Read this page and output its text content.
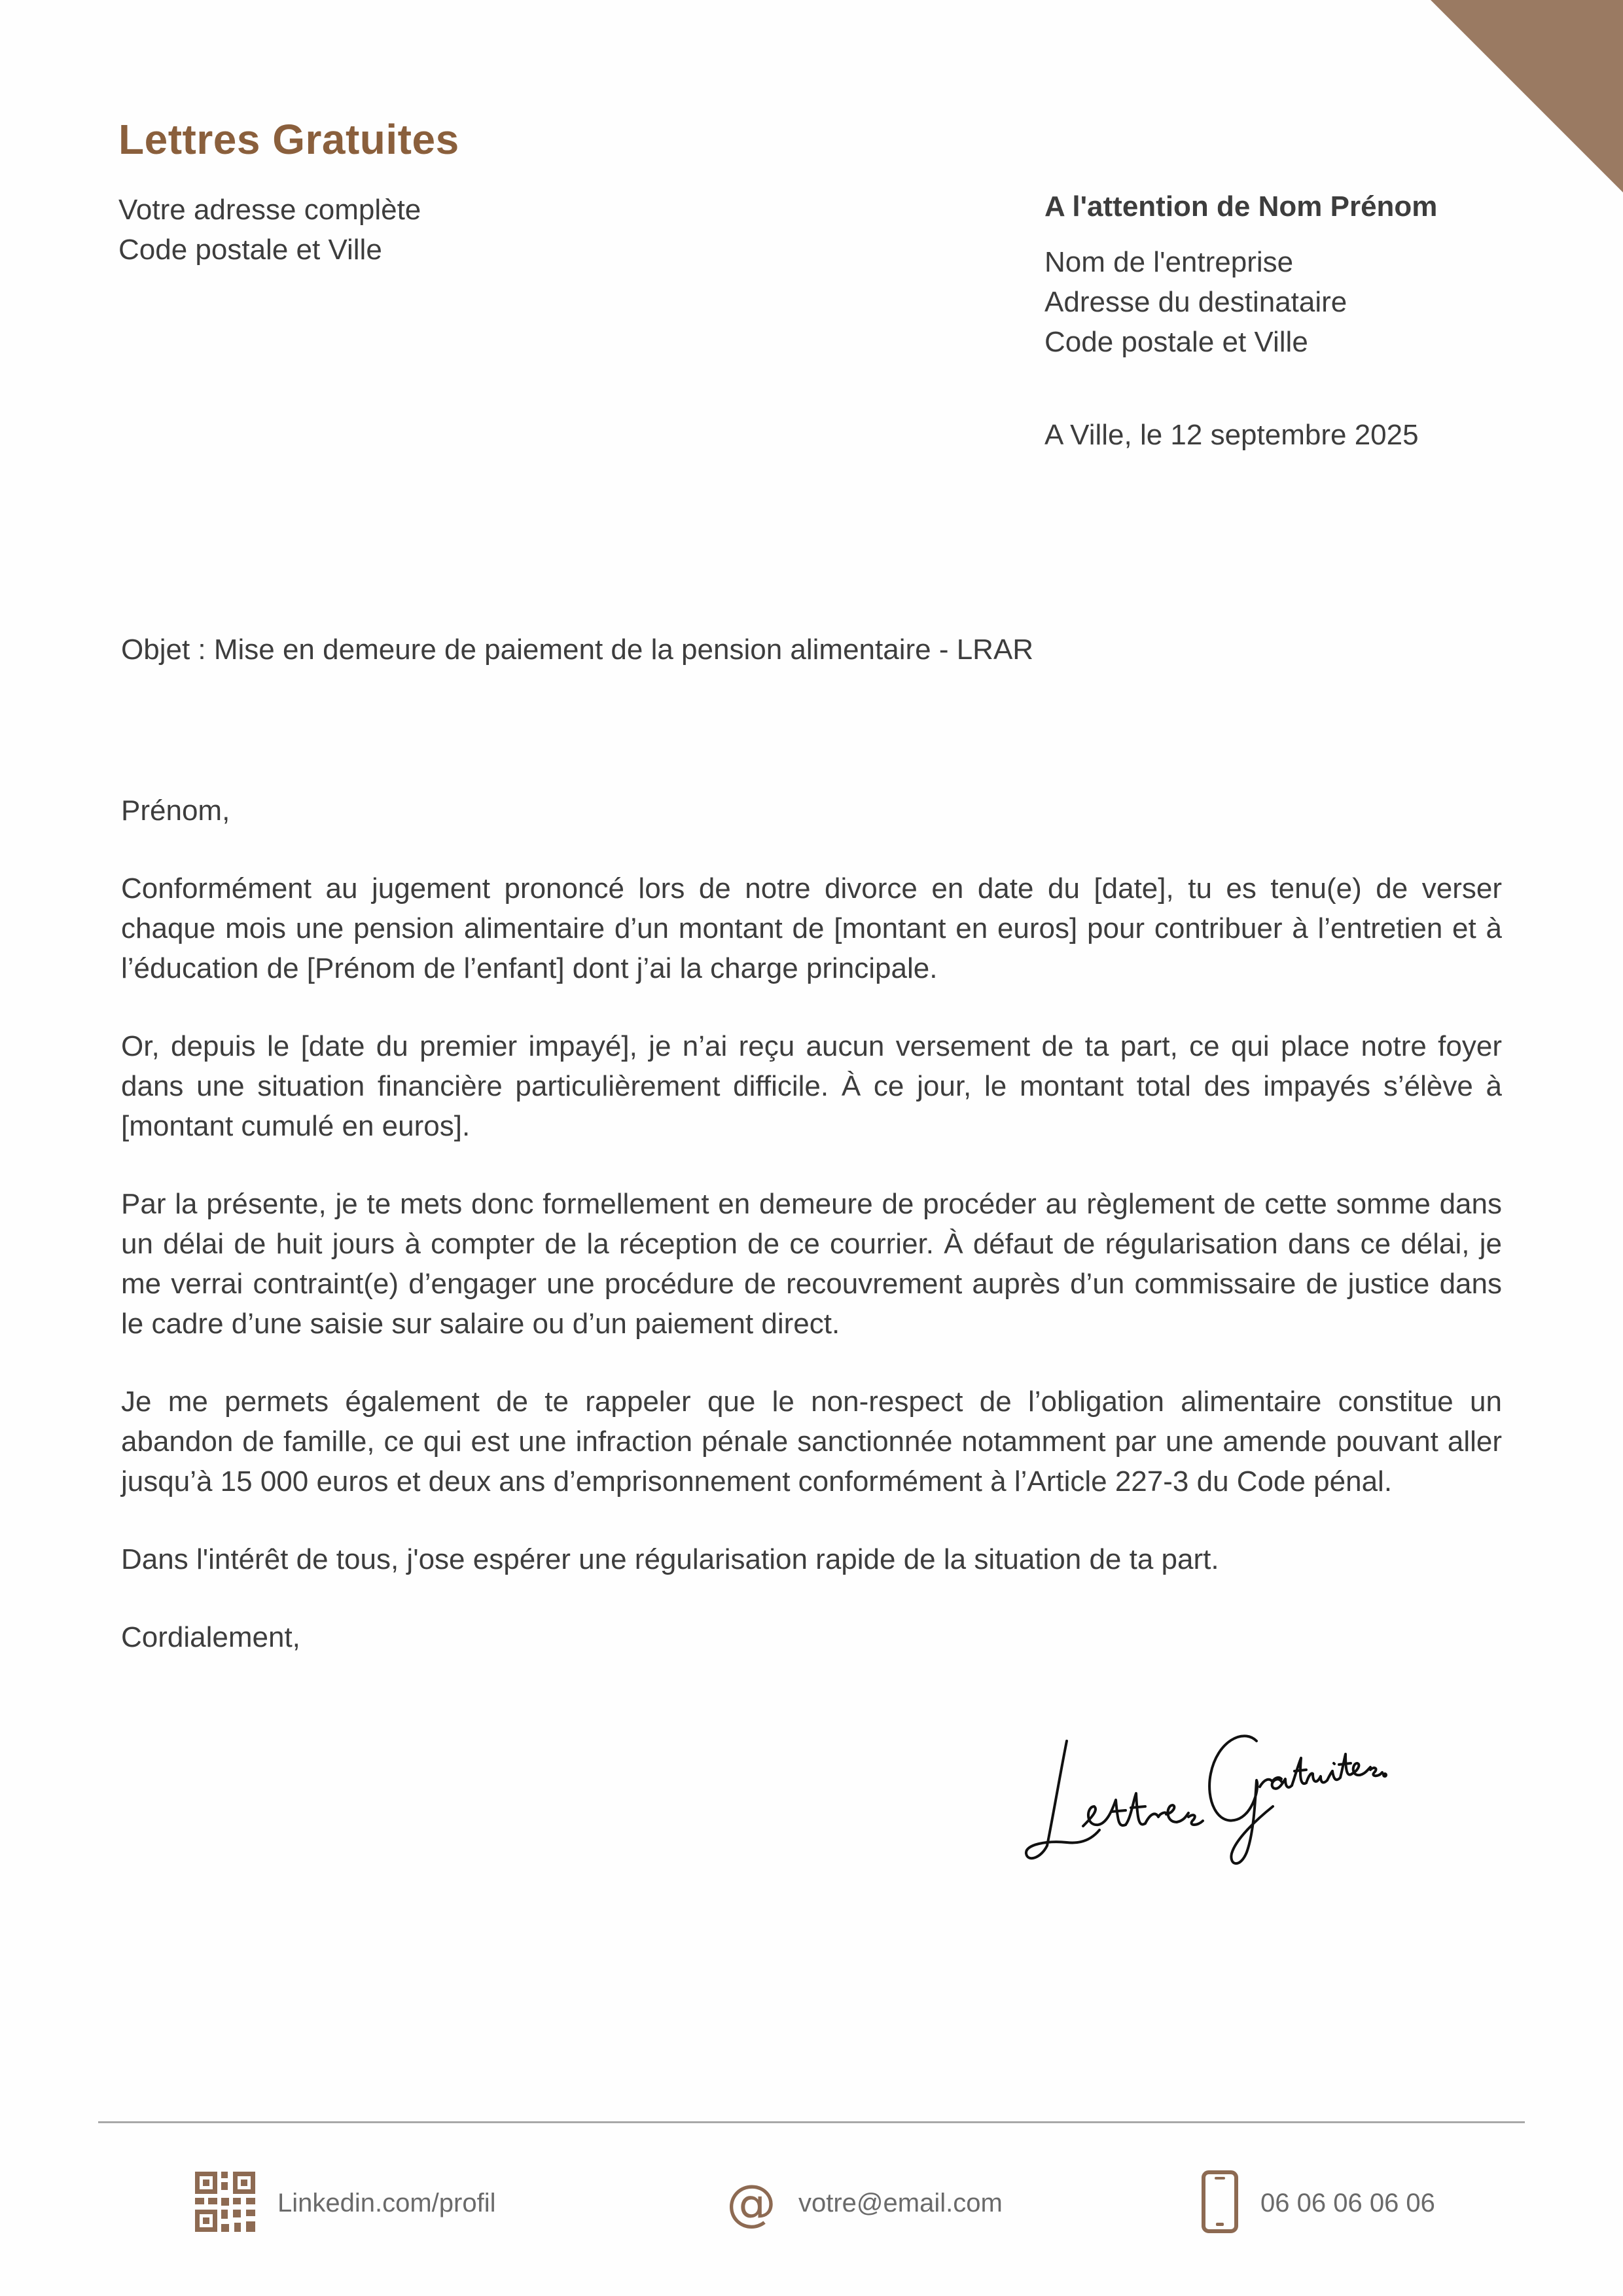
Lettres Gratuites
Votre adresse complète
Code postale et Ville
A l'attention de Nom Prénom
Nom de l'entreprise
Adresse du destinataire
Code postale et Ville
A Ville, le 12 septembre 2025
Objet : Mise en demeure de paiement de la pension alimentaire - LRAR

Prénom,

Conformément au jugement prononcé lors de notre divorce en date du [date], tu es tenu(e) de verser chaque mois une pension alimentaire d’un montant de [montant en euros] pour contribuer à l’entretien et à l’éducation de [Prénom de l’enfant] dont j’ai la charge principale.

Or, depuis le [date du premier impayé], je n’ai reçu aucun versement de ta part, ce qui place notre foyer dans une situation financière particulièrement difficile. À ce jour, le montant total des impayés s’élève à [montant cumulé en euros].

Par la présente, je te mets donc formellement en demeure de procéder au règlement de cette somme dans un délai de huit jours à compter de la réception de ce courrier. À défaut de régularisation dans ce délai, je me verrai contraint(e) d’engager une procédure de recouvrement auprès d’un commissaire de justice dans le cadre d’une saisie sur salaire ou d’un paiement direct.

Je me permets également de te rappeler que le non-respect de l’obligation alimentaire constitue un abandon de famille, ce qui est une infraction pénale sanctionnée notamment par une amende pouvant aller jusqu’à 15 000 euros et deux ans d’emprisonnement conformément à l’Article 227-3 du Code pénal.

Dans l'intérêt de tous, j'ose espérer une régularisation rapide de la situation de ta part.

Cordialement,

Linkedin.com/profil	@ votre@email.com	06 06 06 06 06
